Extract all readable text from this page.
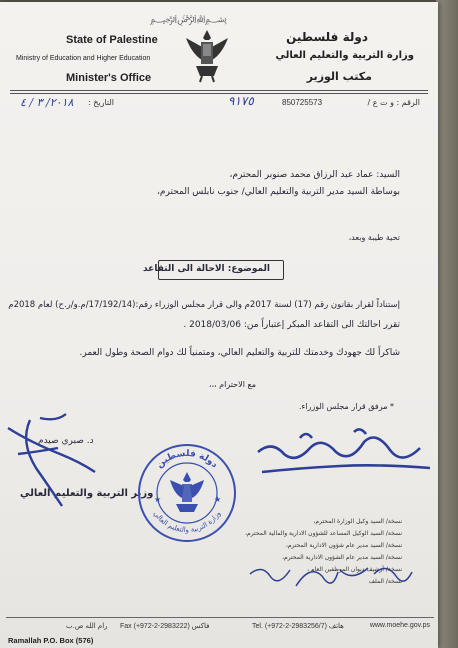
﷽
State of Palestine
Ministry of Education and Higher Education
Minister's Office
دولة فلسطين
وزارة التربية والتعليم العالي
مكتب الوزير
الرقم : و ت ع /
850725573
٩١٧٥
التاريخ :
٢٠١٨/ ٣ / ٤
السيد: عماد عبد الرزاق محمد صنوبر المحترم،
بوساطة السيد مدير التربية والتعليم العالي/ جنوب نابلس المحترم،
تحية طيبة وبعد،
الموضوع: الاحالة الى التقاعد
إستناداً لقرار بقانون رقم (17) لسنة 2017م والى قرار مجلس الوزراء رقم:(17/192/14/م.و/ر.ح) لعام 2018م
تقرر احالتك الى التقاعد المبكر إعتباراً من: 2018/03/06 .
شاكراً لك جهودك وخدمتك للتربية والتعليم العالي، ومتمنياً لك دوام الصحة وطول العمر.
مع الاحترام ،،،
* مرفق قرار مجلس الوزراء.
د. صبري صيدم
وزير التربية والتعليم العالي
دولة فلسطين
وزارة التربية والتعليم العالي
★	★
نسخة/ السيد وكيل الوزارة المحترم،
نسخة/ السيد الوكيل المساعد للشؤون الادارية والمالية المحترم،
نسخة/ السيد مدير عام شؤون الادارية المحترم،
نسخة/ السيد مدير عام الشؤون الادارية المحترم،
نسخة/ أرشيف ديوان الموظفين العام ،
نسخة/ الملف
www.moehe.gov.ps
Tel. (+972-2-2983256/7) هاتف
Fax (+972-2-2983222) فاكس
رام الله ص.ب
Ramallah P.O. Box (576)
